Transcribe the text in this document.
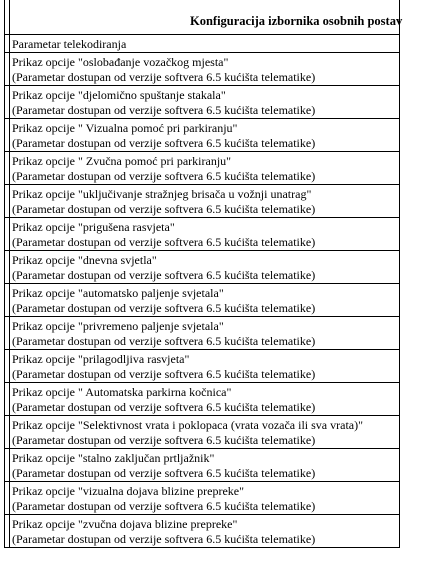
Konfiguracija izbornika osobnih postav
Parametar telekodiranja
Prikaz opcije "oslobađanje vozačkog mjesta"
(Parametar dostupan od verzije softvera 6.5 kućišta telematike)
Prikaz opcije "djelomično spuštanje stakala"
(Parametar dostupan od verzije softvera 6.5 kućišta telematike)
Prikaz opcije " Vizualna pomoć pri parkiranju"
(Parametar dostupan od verzije softvera 6.5 kućišta telematike)
Prikaz opcije " Zvučna pomoć pri parkiranju"
(Parametar dostupan od verzije softvera 6.5 kućišta telematike)
Prikaz opcije "uključivanje stražnjeg brisača u vožnji unatrag"
(Parametar dostupan od verzije softvera 6.5 kućišta telematike)
Prikaz opcije "prigušena rasvjeta"
(Parametar dostupan od verzije softvera 6.5 kućišta telematike)
Prikaz opcije "dnevna svjetla"
(Parametar dostupan od verzije softvera 6.5 kućišta telematike)
Prikaz opcije "automatsko paljenje svjetala"
(Parametar dostupan od verzije softvera 6.5 kućišta telematike)
Prikaz opcije "privremeno paljenje svjetala"
(Parametar dostupan od verzije softvera 6.5 kućišta telematike)
Prikaz opcije "prilagodljiva rasvjeta"
(Parametar dostupan od verzije softvera 6.5 kućišta telematike)
Prikaz opcije " Automatska parkirna kočnica"
(Parametar dostupan od verzije softvera 6.5 kućišta telematike)
Prikaz opcije "Selektivnost vrata i poklopaca (vrata vozača ili sva vrata)"
(Parametar dostupan od verzije softvera 6.5 kućišta telematike)
Prikaz opcije "stalno zaključan prtljažnik"
(Parametar dostupan od verzije softvera 6.5 kućišta telematike)
Prikaz opcije "vizualna dojava blizine prepreke"
(Parametar dostupan od verzije softvera 6.5 kućišta telematike)
Prikaz opcije "zvučna dojava blizine prepreke"
(Parametar dostupan od verzije softvera 6.5 kućišta telematike)
